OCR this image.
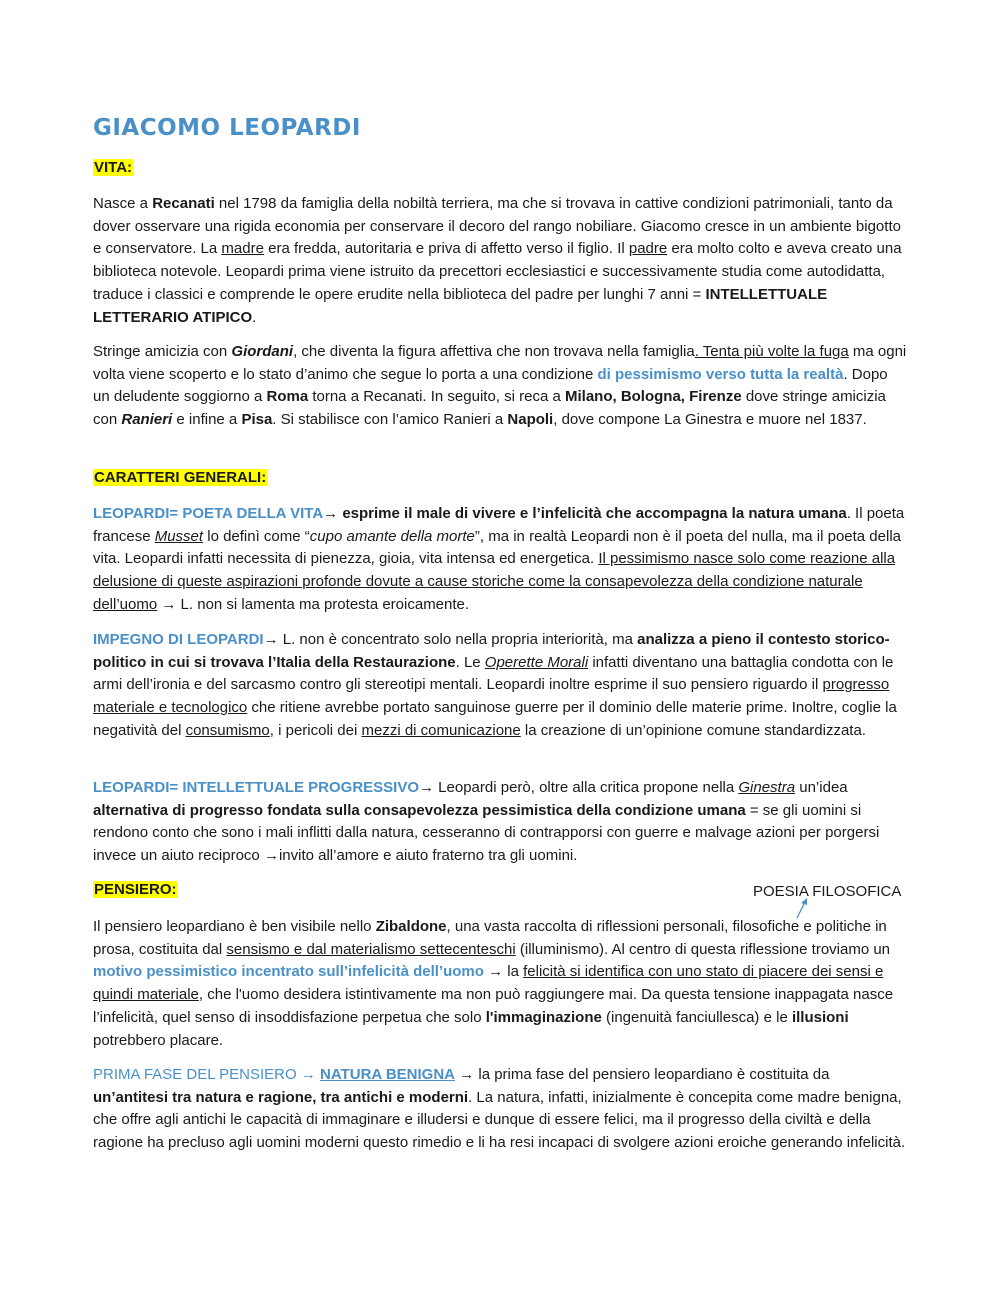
GIACOMO LEOPARDI

VITA:

Nasce a Recanati nel 1798 da famiglia della nobiltà terriera, ma che si trovava in cattive condizioni patrimoniali, tanto da dover osservare una rigida economia per conservare il decoro del rango nobiliare. Giacomo cresce in un ambiente bigotto e conservatore. La madre era fredda, autoritaria e priva di affetto verso il figlio. Il padre era molto colto e aveva creato una biblioteca notevole. Leopardi prima viene istruito da precettori ecclesiastici e successivamente studia come autodidatta, traduce i classici e comprende le opere erudite nella biblioteca del padre per lunghi 7 anni = INTELLETTUALE LETTERARIO ATIPICO.

Stringe amicizia con Giordani, che diventa la figura affettiva che non trovava nella famiglia. Tenta più volte la fuga ma ogni volta viene scoperto e lo stato d’animo che segue lo porta a una condizione di pessimismo verso tutta la realtà. Dopo un deludente soggiorno a Roma torna a Recanati. In seguito, si reca a Milano, Bologna, Firenze dove stringe amicizia con Ranieri e infine a Pisa. Si stabilisce con l’amico Ranieri a Napoli, dove compone La Ginestra e muore nel 1837.

CARATTERI GENERALI:

LEOPARDI= POETA DELLA VITA→ esprime il male di vivere e l’infelicità che accompagna la natura umana. Il poeta francese Musset lo definì come “cupo amante della morte”, ma in realtà Leopardi non è il poeta del nulla, ma il poeta della vita. Leopardi infatti necessita di pienezza, gioia, vita intensa ed energetica. Il pessimismo nasce solo come reazione alla delusione di queste aspirazioni profonde dovute a cause storiche come la consapevolezza della condizione naturale dell’uomo → L. non si lamenta ma protesta eroicamente.

IMPEGNO DI LEOPARDI→ L. non è concentrato solo nella propria interiorità, ma analizza a pieno il contesto storico-politico in cui si trovava l’Italia della Restaurazione. Le Operette Morali infatti diventano una battaglia condotta con le armi dell’ironia e del sarcasmo contro gli stereotipi mentali. Leopardi inoltre esprime il suo pensiero riguardo il progresso materiale e tecnologico che ritiene avrebbe portato sanguinose guerre per il dominio delle materie prime. Inoltre, coglie la negatività del consumismo, i pericoli dei mezzi di comunicazione la creazione di un’opinione comune standardizzata.

LEOPARDI= INTELLETTUALE PROGRESSIVO→ Leopardi però, oltre alla critica propone nella Ginestra un’idea alternativa di progresso fondata sulla consapevolezza pessimistica della condizione umana = se gli uomini si rendono conto che sono i mali inflitti dalla natura, cesseranno di contrapporsi con guerre e malvage azioni per porgersi invece un aiuto reciproco →invito all’amore e aiuto fraterno tra gli uomini.

PENSIERO:

Il pensiero leopardiano è ben visibile nello Zibaldone, una vasta raccolta di riflessioni personali, filosofiche e politiche in prosa, costituita dal sensismo e dal materialismo settecenteschi (illuminismo). Al centro di questa riflessione troviamo un motivo pessimistico incentrato sull’infelicità dell’uomo → la felicità si identifica con uno stato di piacere dei sensi e quindi materiale, che l'uomo desidera istintivamente ma non può raggiungere mai. Da questa tensione inappagata nasce l’infelicità, quel senso di insoddisfazione perpetua che solo l'immaginazione (ingenuità fanciullesca) e le illusioni potrebbero placare.

PRIMA FASE DEL PENSIERO → NATURA BENIGNA → la prima fase del pensiero leopardiano è costituita da un’antitesi tra natura e ragione, tra antichi e moderni. La natura, infatti, inizialmente è concepita come madre benigna, che offre agli antichi le capacità di immaginare e illudersi e dunque di essere felici, ma il progresso della civiltà e della ragione ha precluso agli uomini moderni questo rimedio e li ha resi incapaci di svolgere azioni eroiche generando infelicità.

POESIA FILOSOFICA
